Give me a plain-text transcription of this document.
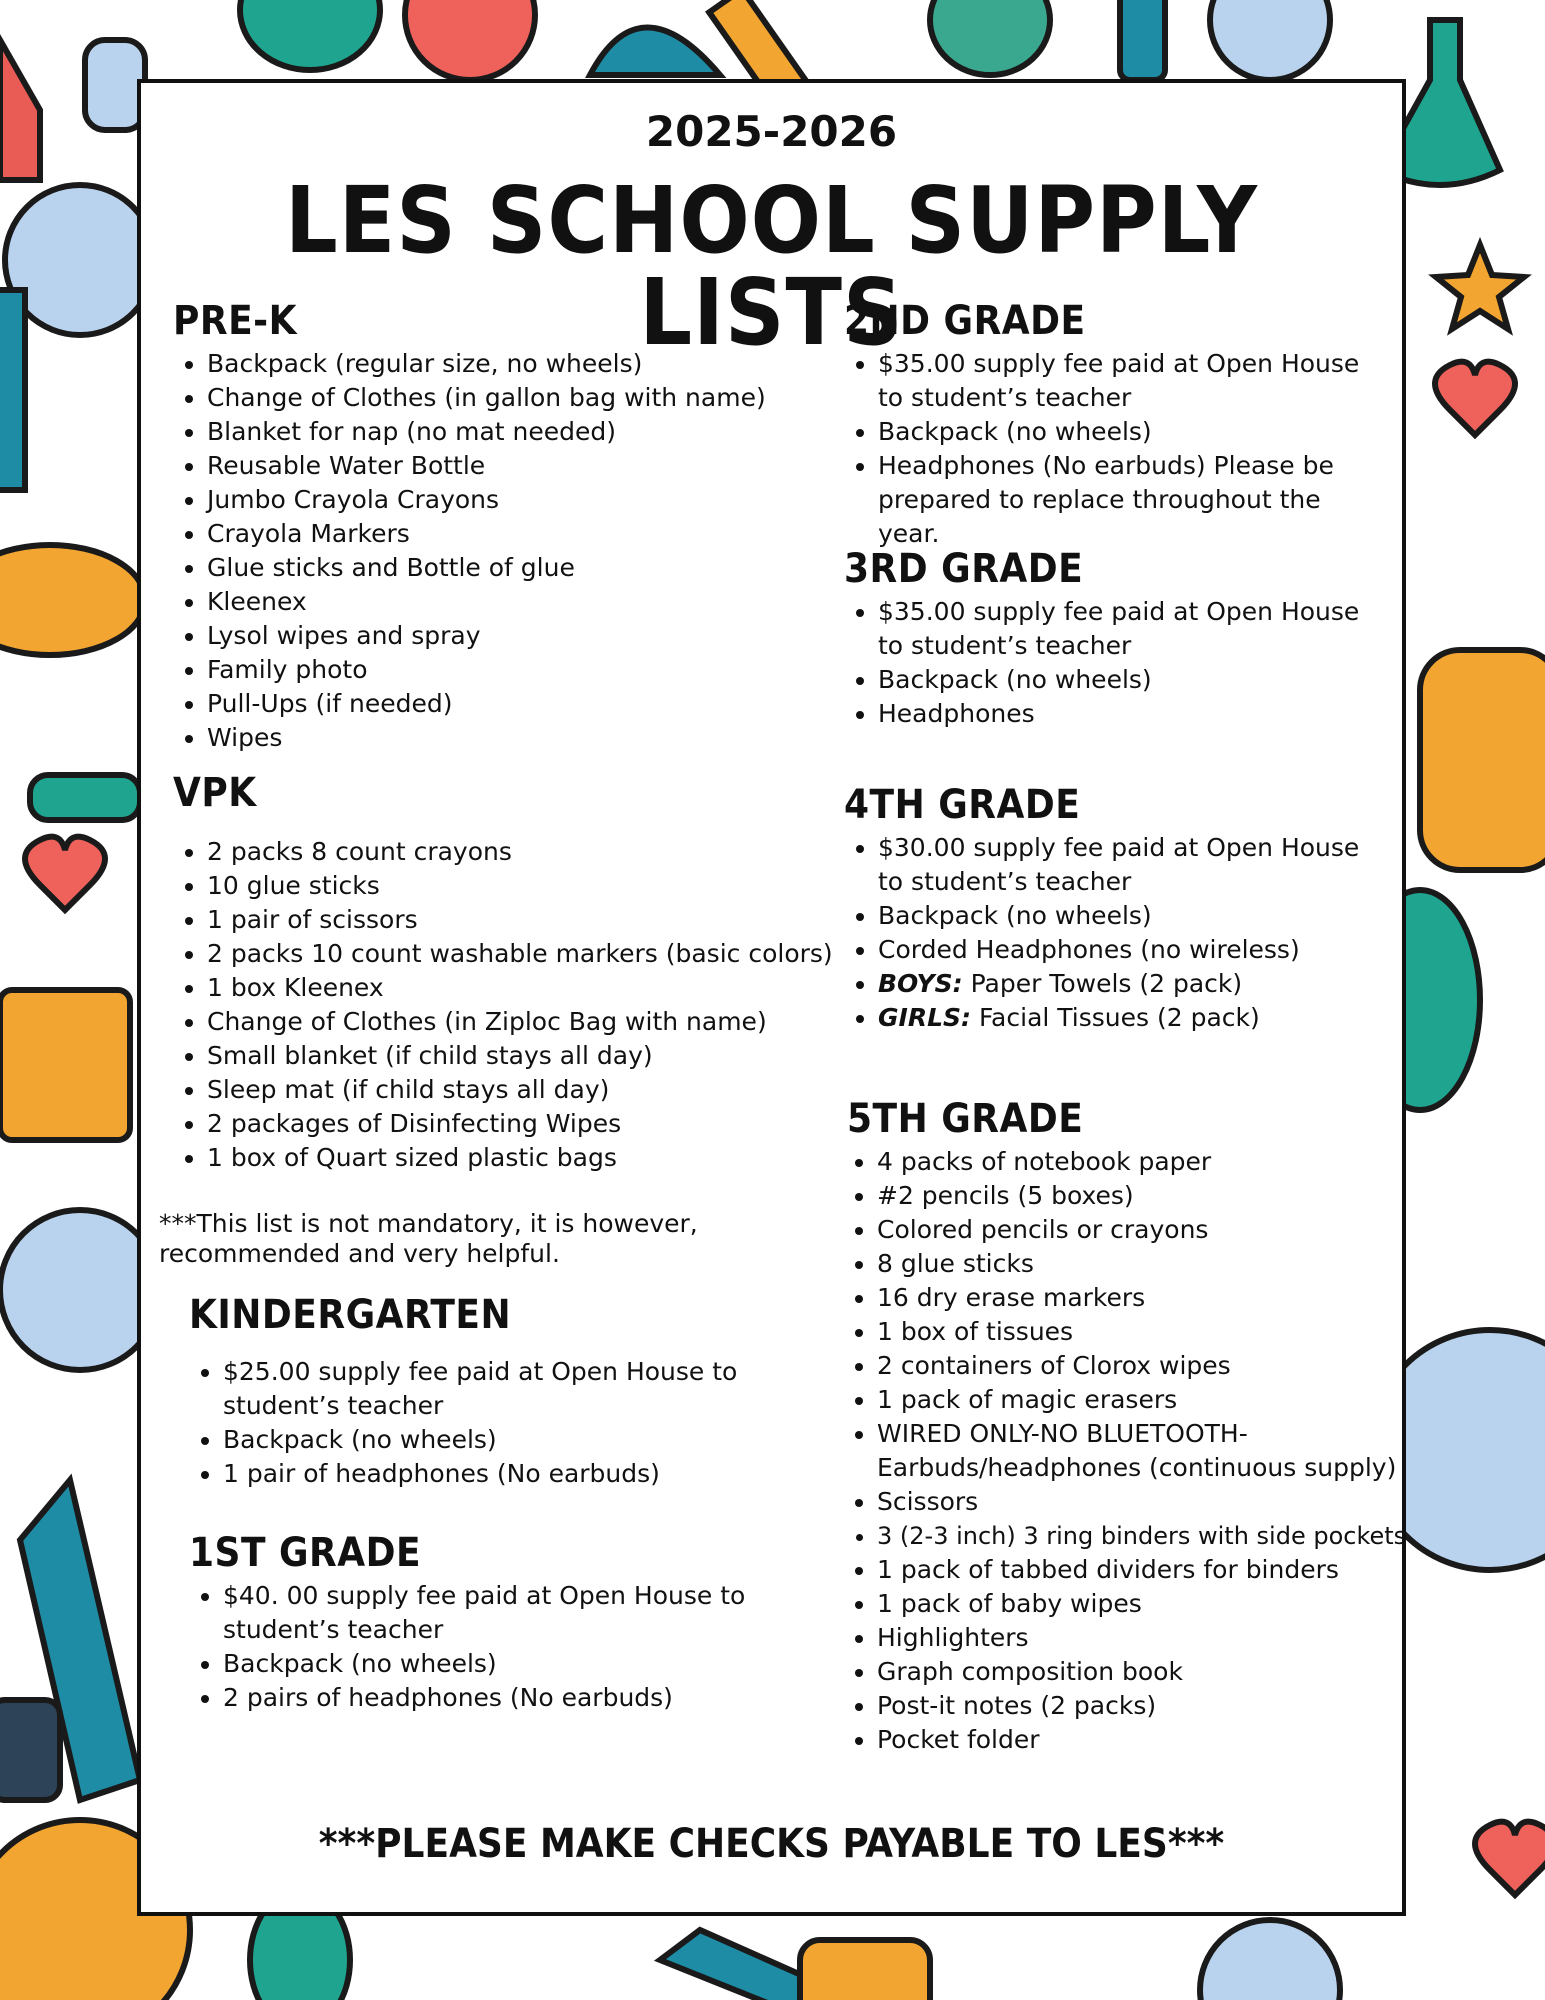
2025-2026
LES SCHOOL SUPPLY LISTS
PRE-K
• Backpack (regular size, no wheels)
• Change of Clothes (in gallon bag with name)
• Blanket for nap (no mat needed)
• Reusable Water Bottle
• Jumbo Crayola Crayons
• Crayola Markers
• Glue sticks and Bottle of glue
• Kleenex
• Lysol wipes and spray
• Family photo
• Pull-Ups (if needed)
• Wipes
VPK
• 2 packs 8 count crayons
• 10 glue sticks
• 1 pair of scissors
• 2 packs 10 count washable markers (basic colors)
• 1 box Kleenex
• Change of Clothes (in Ziploc Bag with name)
• Small blanket (if child stays all day)
• Sleep mat (if child stays all day)
• 2 packages of Disinfecting Wipes
• 1 box of Quart sized plastic bags
***This list is not mandatory, it is however, recommended and very helpful.
KINDERGARTEN
• $25.00 supply fee paid at Open House to student’s teacher
• Backpack (no wheels)
• 1 pair of headphones (No earbuds)
1ST GRADE
• $40. 00 supply fee paid at Open House to student’s teacher
• Backpack (no wheels)
• 2 pairs of headphones (No earbuds)
2ND GRADE
• $35.00 supply fee paid at Open House to student’s teacher
• Backpack (no wheels)
• Headphones (No earbuds) Please be prepared to replace throughout the year.
3RD GRADE
• $35.00 supply fee paid at Open House to student’s teacher
• Backpack (no wheels)
• Headphones
4TH GRADE
• $30.00 supply fee paid at Open House to student’s teacher
• Backpack (no wheels)
• Corded Headphones (no wireless)
• BOYS: Paper Towels (2 pack)
• GIRLS: Facial Tissues (2 pack)
5TH GRADE
• 4 packs of notebook paper
• #2 pencils (5 boxes)
• Colored pencils or crayons
• 8 glue sticks
• 16 dry erase markers
• 1 box of tissues
• 2 containers of Clorox wipes
• 1 pack of magic erasers
• WIRED ONLY-NO BLUETOOTH- Earbuds/headphones (continuous supply)
• Scissors
• 3 (2-3 inch) 3 ring binders with side pockets
• 1 pack of tabbed dividers for binders
• 1 pack of baby wipes
• Highlighters
• Graph composition book
• Post-it notes (2 packs)
• Pocket folder
***PLEASE MAKE CHECKS PAYABLE TO LES***
